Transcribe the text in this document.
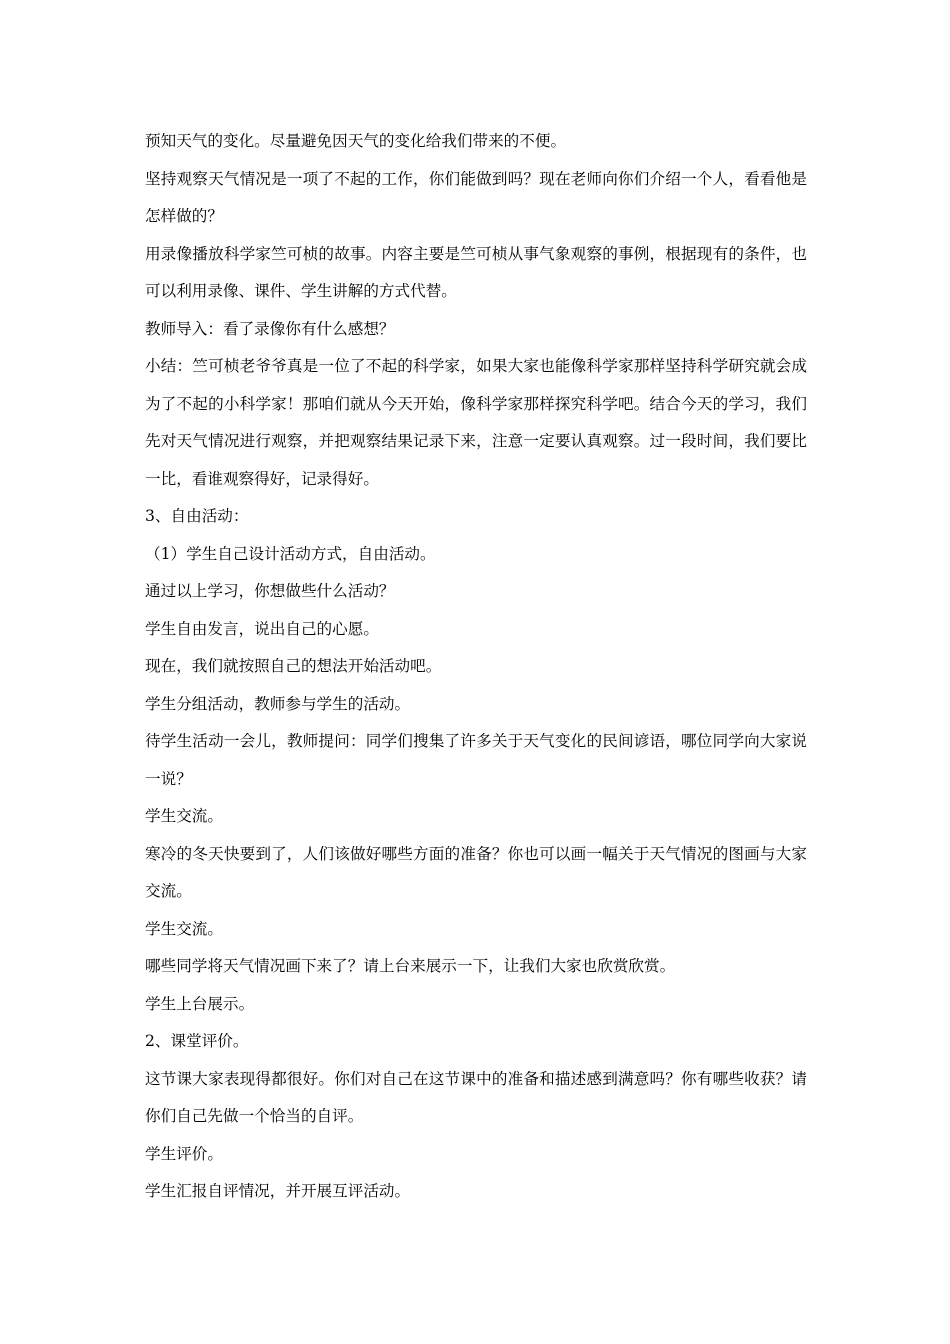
预知天气的变化。尽量避免因天气的变化给我们带来的不便。

坚持观察天气情况是一项了不起的工作，你们能做到吗？现在老师向你们介绍一个人，看看他是怎样做的？

用录像播放科学家竺可桢的故事。内容主要是竺可桢从事气象观察的事例，根据现有的条件，也可以利用录像、课件、学生讲解的方式代替。

教师导入：看了录像你有什么感想？

小结：竺可桢老爷爷真是一位了不起的科学家，如果大家也能像科学家那样坚持科学研究就会成为了不起的小科学家！那咱们就从今天开始，像科学家那样探究科学吧。结合今天的学习，我们先对天气情况进行观察，并把观察结果记录下来，注意一定要认真观察。过一段时间，我们要比一比，看谁观察得好，记录得好。

3、自由活动：

（1）学生自己设计活动方式，自由活动。

通过以上学习，你想做些什么活动？

学生自由发言，说出自己的心愿。

现在，我们就按照自己的想法开始活动吧。

学生分组活动，教师参与学生的活动。

待学生活动一会儿，教师提问：同学们搜集了许多关于天气变化的民间谚语，哪位同学向大家说一说？

学生交流。

寒冷的冬天快要到了，人们该做好哪些方面的准备？你也可以画一幅关于天气情况的图画与大家交流。

学生交流。

哪些同学将天气情况画下来了？请上台来展示一下，让我们大家也欣赏欣赏。

学生上台展示。

2、课堂评价。

这节课大家表现得都很好。你们对自己在这节课中的准备和描述感到满意吗？你有哪些收获？请你们自己先做一个恰当的自评。

学生评价。

学生汇报自评情况，并开展互评活动。
